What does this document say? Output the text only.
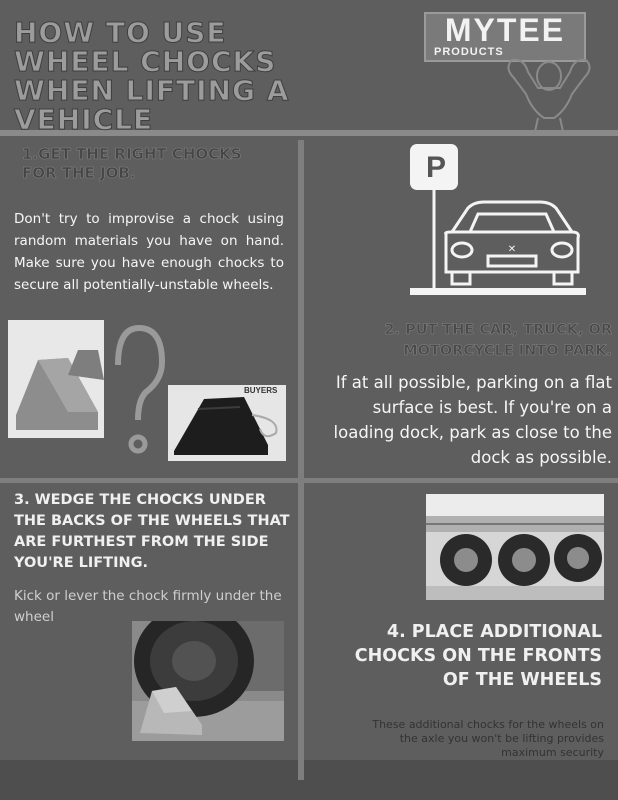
HOW TO USE WHEEL CHOCKS WHEN LIFTING A VEHICLE
MYTEE
PRODUCTS
1.GET THE RIGHT CHOCKS FOR THE JOB.
Don't try to improvise a chock using random materials you have on hand. Make sure you have enough chocks to secure all potentially-unstable wheels.
BUYERS
✕
P
2. PUT THE CAR, TRUCK, OR MOTORCYCLE INTO PARK.
If at all possible, parking on a flat surface is best. If you're on a loading dock, park as close to the dock as possible.
3. WEDGE THE CHOCKS UNDER THE BACKS OF THE WHEELS THAT ARE FURTHEST FROM THE SIDE YOU'RE LIFTING.
Kick or lever the chock firmly under the wheel
4. PLACE ADDITIONAL CHOCKS ON THE FRONTS OF THE WHEELS
These additional chocks for the wheels on the axle you won't be lifting provides maximum security
